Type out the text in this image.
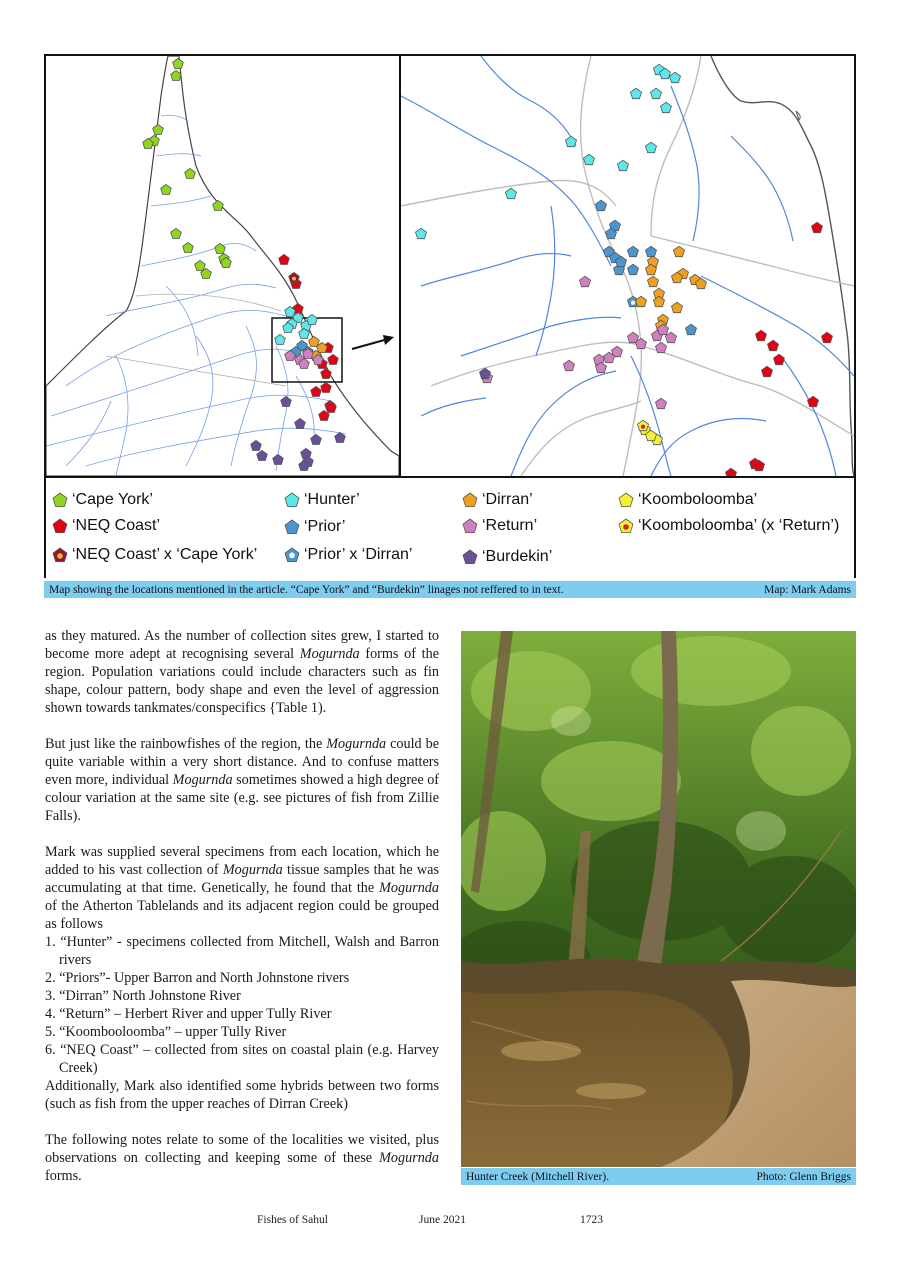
‘Cape York’
‘NEQ Coast’
‘NEQ Coast’ x ‘Cape York’
‘Hunter’
‘Prior’
‘Prior’ x ‘Dirran’
‘Dirran’
‘Return’
‘Burdekin’
‘Koomboloomba’
‘Koomboloomba’ (x ‘Return’)
Map showing the locations mentioned in the article. “Cape York” and “Burdekin” linages not reffered to in text.	Map: Mark Adams

as they matured. As the number of collection sites grew, I started to become more adept at recognising several Mogurnda forms of the region. Population variations could include characters such as fin shape, colour pattern, body shape and even the level of aggression shown towards tankmates/conspecifics {Table 1).

But just like the rainbowfishes of the region, the Mogurnda could be quite variable within a very short distance. And to confuse matters even more, individual Mogurnda sometimes showed a high degree of colour variation at the same site (e.g. see pictures of fish from Zillie Falls).

Mark was supplied several specimens from each location, which he added to his vast collection of Mogurnda tissue samples that he was accumulating at that time. Genetically, he found that the Mogurnda of the Atherton Tablelands and its adjacent region could be grouped as follows

1. “Hunter” - specimens collected from Mitchell, Walsh and Barron rivers
2. “Priors”- Upper Barron and North Johnstone rivers
3. “Dirran” North Johnstone River
4. “Return” – Herbert River and upper Tully River
5. “Koombooloomba” – upper Tully River
6. “NEQ Coast” – collected from sites on coastal plain (e.g. Harvey Creek)

Additionally, Mark also identified some hybrids between two forms (such as fish from the upper reaches of Dirran Creek)

The following notes relate to some of the localities we visited, plus observations on collecting and keeping some of these Mogurnda forms.	Hunter Creek (Mitchell River).	Photo: Glenn Briggs
Fishes of Sahul	June 2021	1723
